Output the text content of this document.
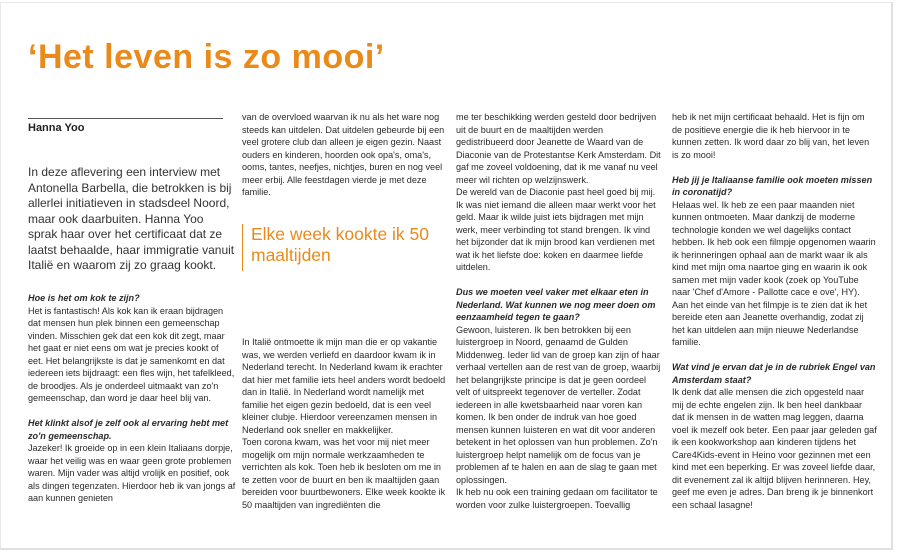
‘Het leven is zo mooi’
Hanna Yoo
In deze aflevering een interview met Antonella Barbella, die betrokken is bij allerlei initiatieven in stadsdeel Noord, maar ook daarbuiten. Hanna Yoo sprak haar over het certificaat dat ze laatst behaalde, haar immigratie vanuit Italië en waarom zij zo graag kookt.

Hoe is het om kok te zijn?

Het is fantastisch! Als kok kan ik eraan bijdragen dat mensen hun plek binnen een gemeenschap vinden. Misschien gek dat een kok dit zegt, maar het gaat er niet eens om wat je precies kookt of eet. Het belangrijkste is dat je samenkomt en dat iedereen iets bijdraagt: een fles wijn, het tafelkleed, de broodjes. Als je onderdeel uitmaakt van zo'n gemeenschap, dan word je daar heel blij van.

Het klinkt alsof je zelf ook al ervaring hebt met zo'n gemeenschap.

Jazeker! Ik groeide op in een klein Italiaans dorpje, waar het veilig was en waar geen grote problemen waren. Mijn vader was altijd vrolijk en positief, ook als dingen tegenzaten. Hierdoor heb ik van jongs af aan kunnen genieten

van de overvloed waarvan ik nu als het ware nog steeds kan uitdelen. Dat uitdelen gebeurde bij een veel grotere club dan alleen je eigen gezin. Naast ouders en kinderen, hoorden ook opa's, oma's, ooms, tantes, neefjes, nichtjes, buren en nog veel meer erbij. Alle feestdagen vierde je met deze familie.

Elke week kookte ik 50 maaltijden

In Italië ontmoette ik mijn man die er op vakantie was, we werden verliefd en daardoor kwam ik in Nederland terecht. In Nederland kwam ik erachter dat hier met familie iets heel anders wordt bedoeld dan in Italië. In Nederland wordt namelijk met familie het eigen gezin bedoeld, dat is een veel kleiner clubje. Hierdoor vereenzamen mensen in Nederland ook sneller en makkelijker.

Toen corona kwam, was het voor mij niet meer mogelijk om mijn normale werkzaamheden te verrichten als kok. Toen heb ik besloten om me in te zetten voor de buurt en ben ik maaltijden gaan bereiden voor buurtbewoners. Elke week kookte ik 50 maaltijden van ingrediënten die

me ter beschikking werden gesteld door bedrijven uit de buurt en de maaltijden werden gedistribueerd door Jeanette de Waard van de Diaconie van de Protestantse Kerk Amsterdam. Dit gaf me zoveel voldoening, dat ik me vanaf nu veel meer wil richten op welzijnswerk.

De wereld van de Diaconie past heel goed bij mij. Ik was niet iemand die alleen maar werkt voor het geld. Maar ik wilde juist iets bijdragen met mijn werk, meer verbinding tot stand brengen. Ik vind het bijzonder dat ik mijn brood kan verdienen met wat ik het liefste doe: koken en daarmee liefde uitdelen.

Dus we moeten veel vaker met elkaar eten in Nederland. Wat kunnen we nog meer doen om eenzaamheid tegen te gaan?

Gewoon, luisteren. Ik ben betrokken bij een luistergroep in Noord, genaamd de Gulden Middenweg. Ieder lid van de groep kan zijn of haar verhaal vertellen aan de rest van de groep, waarbij het belangrijkste principe is dat je geen oordeel velt of uitspreekt tegenover de verteller. Zodat iedereen in alle kwetsbaarheid naar voren kan komen. Ik ben onder de indruk van hoe goed mensen kunnen luisteren en wat dit voor anderen betekent in het oplossen van hun problemen. Zo'n luistergroep helpt namelijk om de focus van je problemen af te halen en aan de slag te gaan met oplossingen.

Ik heb nu ook een training gedaan om facilitator te worden voor zulke luistergroepen. Toevallig

heb ik net mijn certificaat behaald. Het is fijn om de positieve energie die ik heb hiervoor in te kunnen zetten. Ik word daar zo blij van, het leven is zo mooi!

Heb jij je Italiaanse familie ook moeten missen in coronatijd?

Helaas wel. Ik heb ze een paar maanden niet kunnen ontmoeten. Maar dankzij de moderne technologie konden we wel dagelijks contact hebben. Ik heb ook een filmpje opgenomen waarin ik herinneringen ophaal aan de markt waar ik als kind met mijn oma naartoe ging en waarin ik ook samen met mijn vader kook (zoek op YouTube naar 'Chef d'Amore - Pallotte cace e ove', HY). Aan het einde van het filmpje is te zien dat ik het bereide eten aan Jeanette overhandig, zodat zij het kan uitdelen aan mijn nieuwe Nederlandse familie.

Wat vind je ervan dat je in de rubriek Engel van Amsterdam staat?

Ik denk dat alle mensen die zich opgesteld naar mij de echte engelen zijn. Ik ben heel dankbaar dat ik mensen in de watten mag leggen, daarna voel ik mezelf ook beter. Een paar jaar geleden gaf ik een kookworkshop aan kinderen tijdens het Care4Kids-event in Heino voor gezinnen met een kind met een beperking. Er was zoveel liefde daar, dit evenement zal ik altijd blijven herinneren. Hey, geef me even je adres. Dan breng ik je binnenkort een schaal lasagne!
